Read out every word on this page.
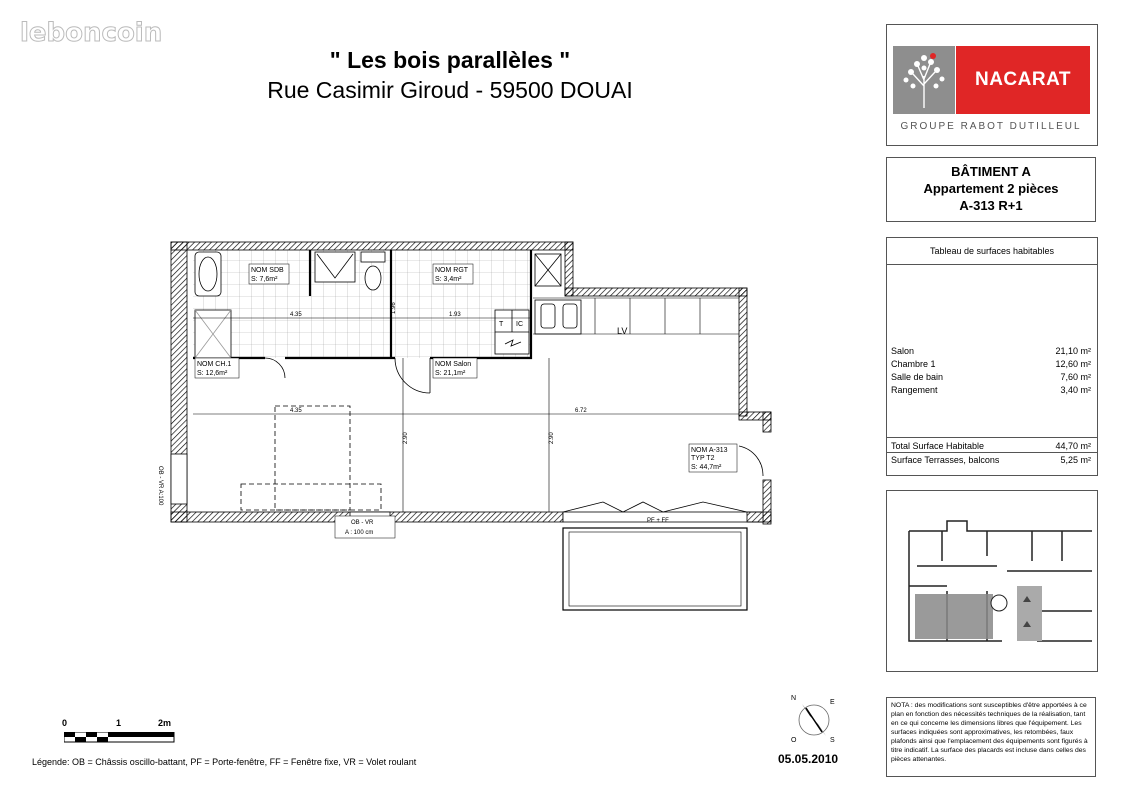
leboncoin
" Les bois parallèles "
Rue Casimir Giroud - 59500 DOUAI	NACARAT
GROUPE RABOT DUTILLEUL
BÂTIMENT A
Appartement 2 pièces
A-313 R+1
Tableau de surfaces habitables
Salon	21,10 m²
Chambre 1	12,60 m²
Salle de bain	7,60 m²
Rangement	3,40 m²
Total Surface Habitable	44,70 m²
Surface Terrasses, balcons	5,25 m²
NOTA : des modifications sont susceptibles d'être apportées à ce plan en fonction des nécessités techniques de la réalisation, tant en ce qui concerne les dimensions libres que l'équipement. Les surfaces indiquées sont approximatives, les retombées, faux plafonds ainsi que l'emplacement des équipements sont figurés à titre indicatif. La surface des placards est incluse dans celles des pièces attenantes.
05.05.2010
Légende: OB = Châssis oscillo-battant, PF = Porte-fenêtre, FF = Fenêtre fixe, VR = Volet roulant
0	1	2m
N
E
O	S
OB - VR A:100
LV
T IC
4.35	1.93
4.35	6.72
1.96
2.90	2.90
NOM SDB
S: 7,6m²
NOM RGT
S: 3,4m²
NOM CH.1
S: 12,6m²
NOM Salon
S: 21,1m²
NOM A-313
TYP T2
S: 44,7m²
OB - VR
A : 100 cm
PF + FF
